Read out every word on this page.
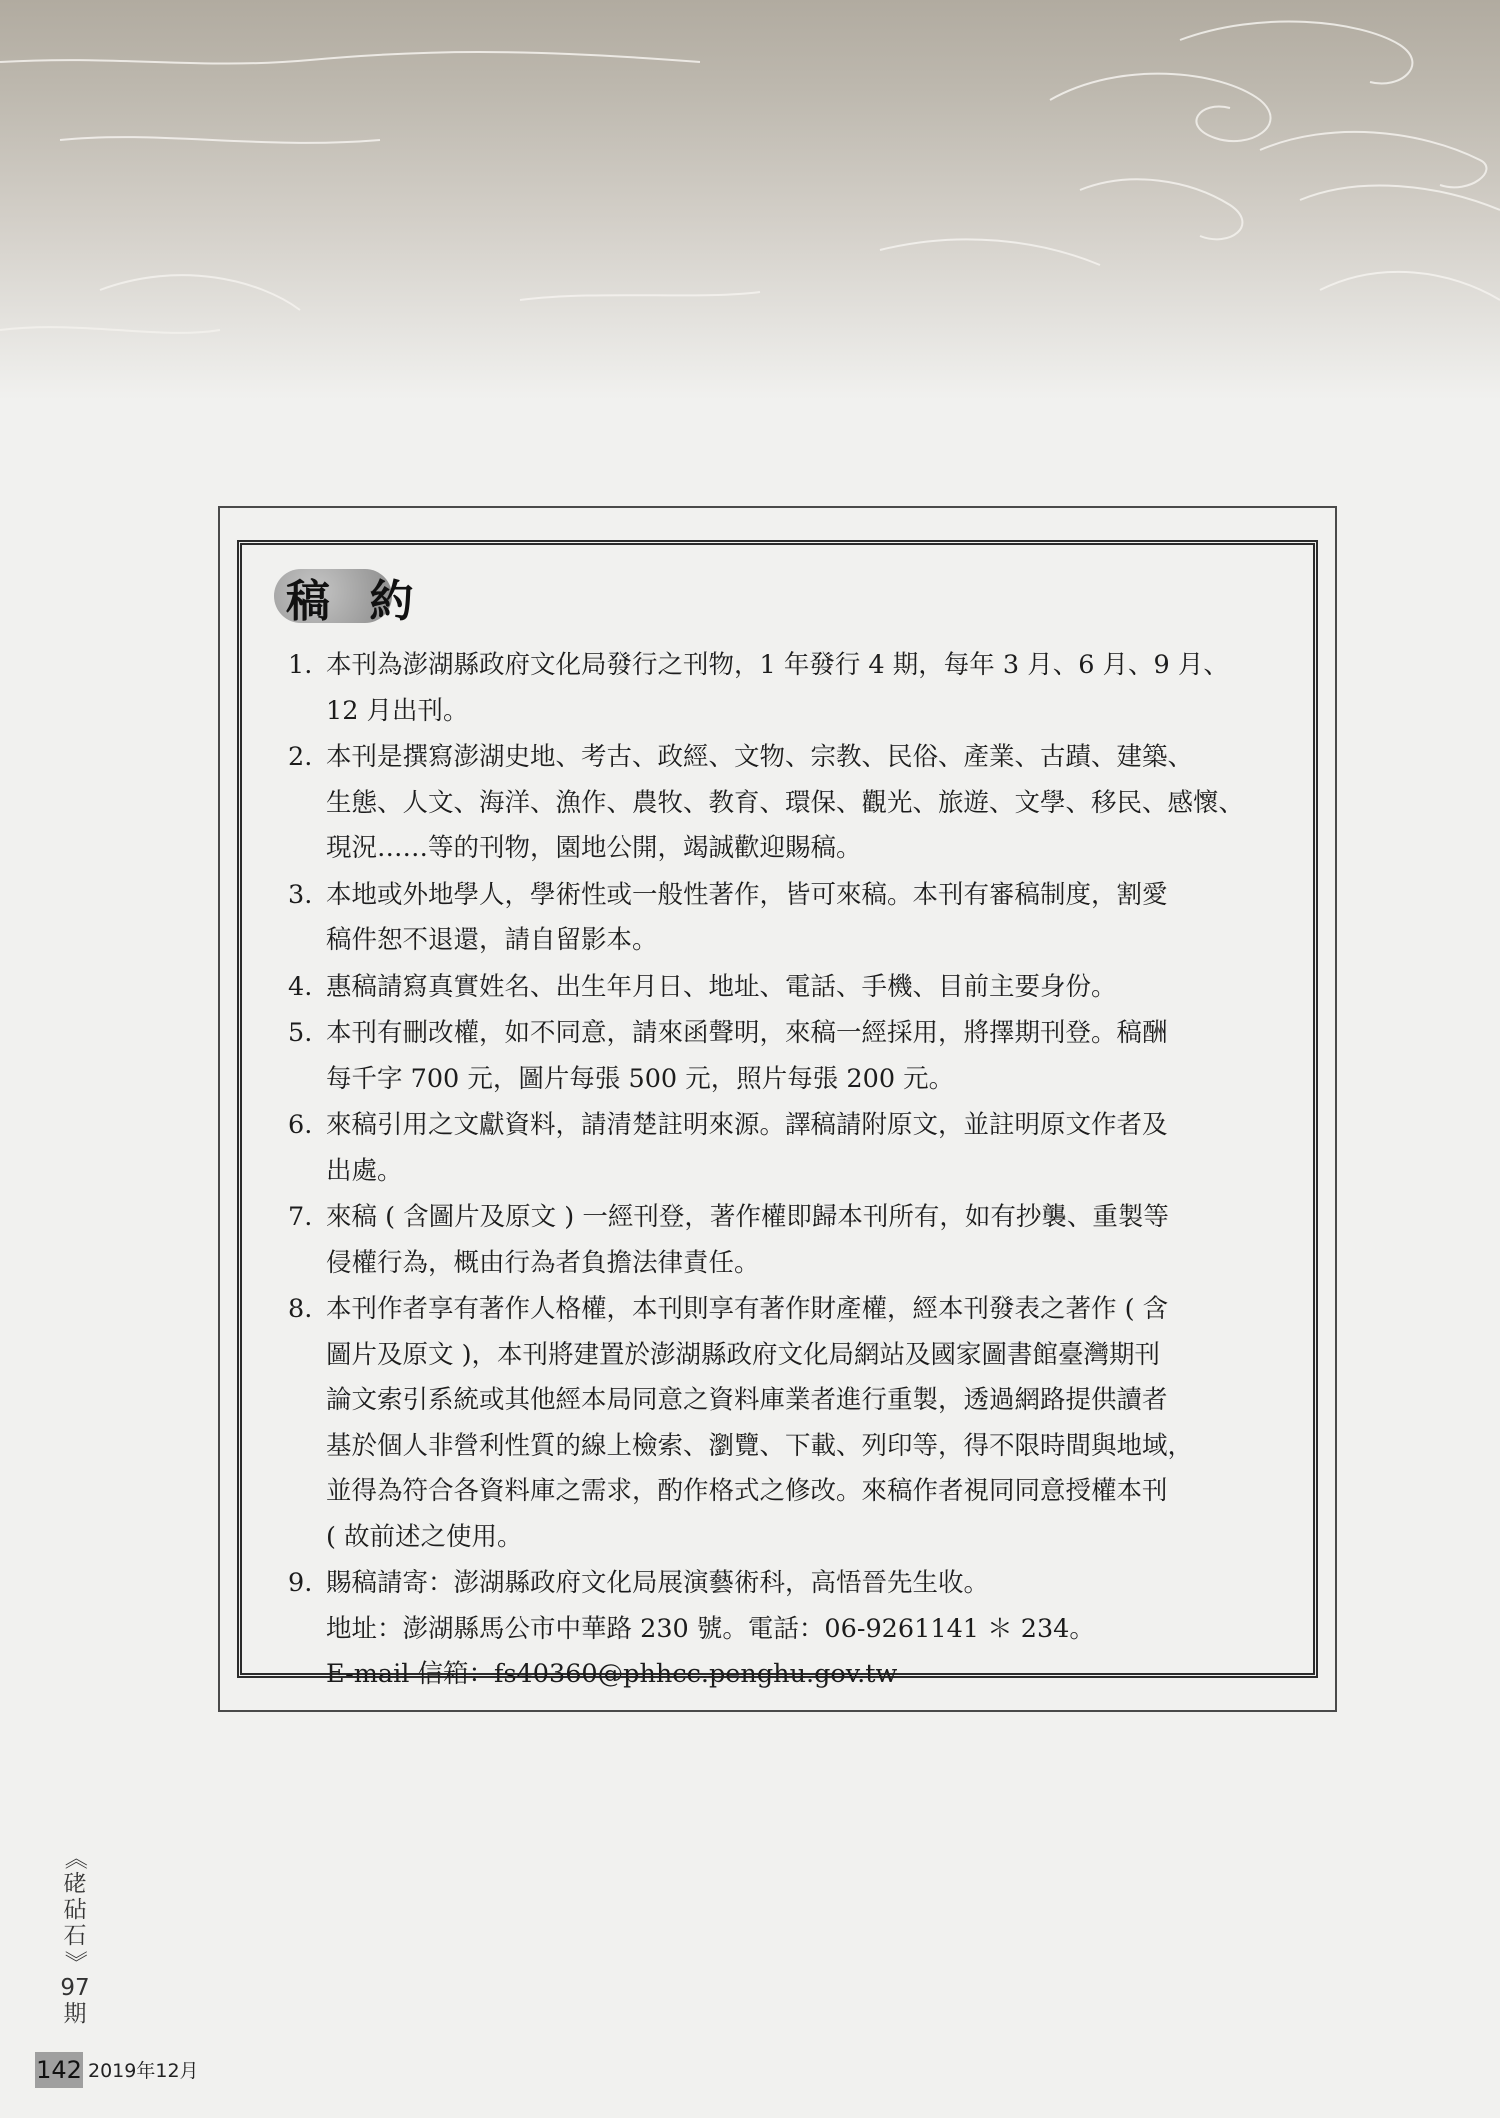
稿 約
1. 本刊為澎湖縣政府文化局發行之刊物，1 年發行 4 期，每年 3 月、6 月、9 月、
12 月出刊。
2. 本刊是撰寫澎湖史地、考古、政經、文物、宗教、民俗、產業、古蹟、建築、
生態、人文、海洋、漁作、農牧、教育、環保、觀光、旅遊、文學、移民、感懷、
現況……等的刊物，園地公開，竭誠歡迎賜稿。
3. 本地或外地學人，學術性或一般性著作，皆可來稿。本刊有審稿制度，割愛
稿件恕不退還，請自留影本。
4. 惠稿請寫真實姓名、出生年月日、地址、電話、手機、目前主要身份。
5. 本刊有刪改權，如不同意，請來函聲明，來稿一經採用，將擇期刊登。稿酬
每千字 700 元，圖片每張 500 元，照片每張 200 元。
6. 來稿引用之文獻資料，請清楚註明來源。譯稿請附原文，並註明原文作者及
出處。
7. 來稿 ( 含圖片及原文 ) 一經刊登，著作權即歸本刊所有，如有抄襲、重製等
侵權行為，概由行為者負擔法律責任。
8. 本刊作者享有著作人格權，本刊則享有著作財產權，經本刊發表之著作 ( 含
圖片及原文 )，本刊將建置於澎湖縣政府文化局網站及國家圖書館臺灣期刊
論文索引系統或其他經本局同意之資料庫業者進行重製，透過網路提供讀者
基於個人非營利性質的線上檢索、瀏覽、下載、列印等，得不限時間與地域，
並得為符合各資料庫之需求，酌作格式之修改。來稿作者視同同意授權本刊
( 故前述之使用。
9. 賜稿請寄：澎湖縣政府文化局展演藝術科，高悟晉先生收。
地址：澎湖縣馬公市中華路 230 號。電話：06-9261141 ＊ 234。
E-mail 信箱：fs40360@phhcc.penghu.gov.tw
《
硓
砧
石
》
97
期
142 2019年12月
